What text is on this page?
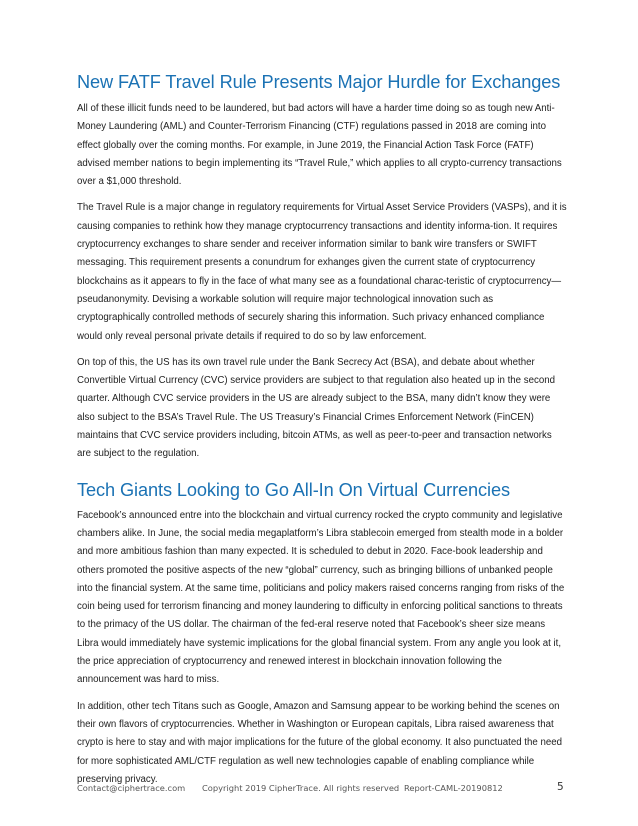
New FATF Travel Rule Presents Major Hurdle for Exchanges

All of these illicit funds need to be laundered, but bad actors will have a harder time doing so as tough new Anti-Money Laundering (AML) and Counter-Terrorism Financing (CTF) regulations passed in 2018 are coming into effect globally over the coming months. For example, in June 2019, the Financial Action Task Force (FATF) advised member nations to begin implementing its “Travel Rule,” which applies to all crypto-currency transactions over a $1,000 threshold.

The Travel Rule is a major change in regulatory requirements for Virtual Asset Service Providers (VASPs), and it is causing companies to rethink how they manage cryptocurrency transactions and identity informa-tion. It requires cryptocurrency exchanges to share sender and receiver information similar to bank wire transfers or SWIFT messaging. This requirement presents a conundrum for exhanges given the current state of cryptocurrency blockchains as it appears to fly in the face of what many see as a foundational charac-teristic of cryptocurrency—pseudanonymity. Devising a workable solution will require major technological innovation such as cryptographically controlled methods of securely sharing this information. Such privacy enhanced compliance would only reveal personal private details if required to do so by law enforcement.

On top of this, the US has its own travel rule under the Bank Secrecy Act (BSA), and debate about whether Convertible Virtual Currency (CVC) service providers are subject to that regulation also heated up in the second quarter. Although CVC service providers in the US are already subject to the BSA, many didn’t know they were also subject to the BSA’s Travel Rule. The US Treasury’s Financial Crimes Enforcement Network (FinCEN) maintains that CVC service providers including, bitcoin ATMs, as well as peer-to-peer and transaction networks are subject to the regulation.

Tech Giants Looking to Go All-In On Virtual Currencies

Facebook’s announced entre into the blockchain and virtual currency rocked the crypto community and legislative chambers alike. In June, the social media megaplatform’s Libra stablecoin emerged from stealth mode in a bolder and more ambitious fashion than many expected. It is scheduled to debut in 2020. Face-book leadership and others promoted the positive aspects of the new “global” currency, such as bringing billions of unbanked people into the financial system. At the same time, politicians and policy makers raised concerns ranging from risks of the coin being used for terrorism financing and money laundering to difficulty in enforcing political sanctions to threats to the primacy of the US dollar. The chairman of the fed-eral reserve noted that Facebook’s sheer size means Libra would immediately have systemic implications for the global financial system. From any angle you look at it, the price appreciation of cryptocurrency and renewed interest in blockchain innovation following the announcement was hard to miss.

In addition, other tech Titans such as Google, Amazon and Samsung appear to be working behind the scenes on their own flavors of cryptocurrencies. Whether in Washington or European capitals, Libra raised awareness that crypto is here to stay and with major implications for the future of the global economy. It also punctuated the need for more sophisticated AML/CTF regulation as well new technologies capable of enabling compliance while preserving privacy.

Contact@ciphertrace.com Copyright 2019 CipherTrace. All rights reserved Report-CAML-20190812	5
